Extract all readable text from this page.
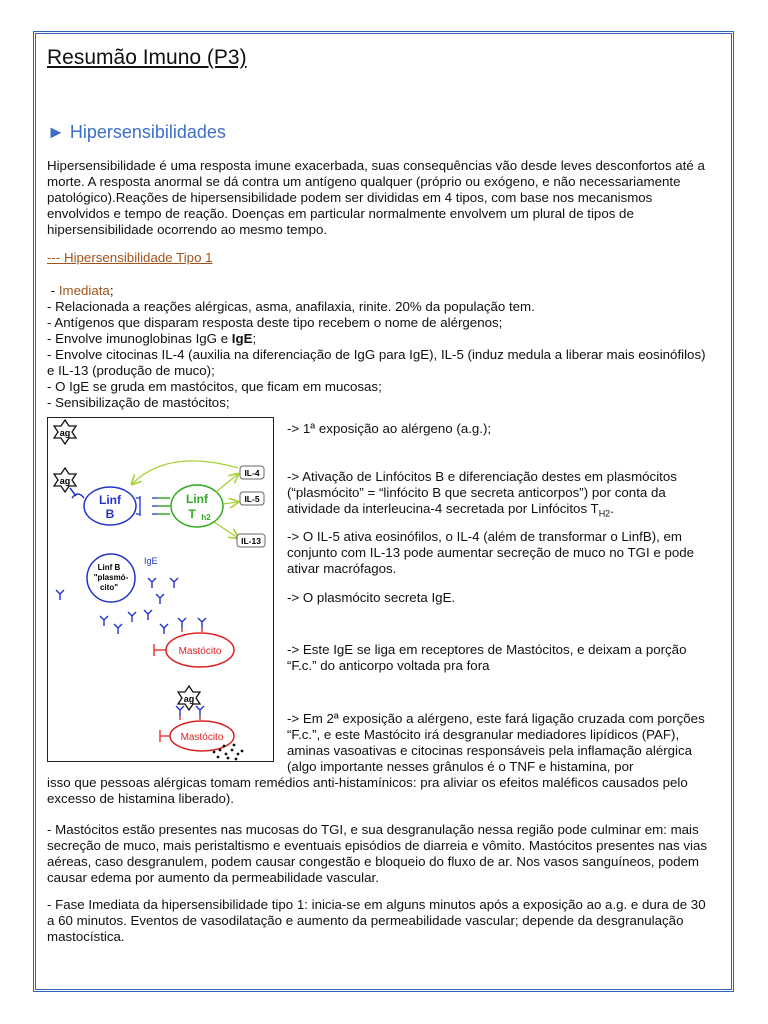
Resumão Imuno (P3)
► Hipersensibilidades

Hipersensibilidade é uma resposta imune exacerbada, suas consequências vão desde leves desconfortos até a morte. A resposta anormal se dá contra um antígeno qualquer (próprio ou exógeno, e não necessariamente patológico).Reações de hipersensibilidade podem ser divididas em 4 tipos, com base nos mecanismos envolvidos e tempo de reação. Doenças em particular normalmente envolvem um plural de tipos de hipersensibilidade ocorrendo ao mesmo tempo.

--- Hipersensibilidade Tipo 1

- Imediata;
- Relacionada a reações alérgicas, asma, anafilaxia, rinite. 20% da população tem.
- Antígenos que disparam resposta deste tipo recebem o nome de alérgenos;
- Envolve imunoglobinas IgG e IgE;
- Envolve citocinas IL-4 (auxilia na diferenciação de IgG para IgE), IL-5 (induz medula a liberar mais eosinófilos) e IL-13 (produção de muco);
- O IgE se gruda em mastócitos, que ficam em mucosas;
- Sensibilização de mastócitos;
ag
ag
Linf
B
Linf
T h2
IL-4
IL-5
IL-13
Linf B
"plasmó-
cito"
IgE
Mastócito
ag
Mastócito

-> 1ª exposição ao alérgeno (a.g.);

-> Ativação de Linfócitos B e diferenciação destes em plasmócitos (“plasmócito” = “linfócito B que secreta anticorpos”) por conta da atividade da interleucina-4 secretada por Linfócitos $T_{H2}$.

-> O IL-5 ativa eosinófilos, o IL-4 (além de transformar o LinfB), em conjunto com IL-13 pode aumentar secreção de muco no TGI e pode ativar macrófagos.

-> O plasmócito secreta IgE.

-> Este IgE se liga em receptores de Mastócitos, e deixam a porção “F.c.” do anticorpo voltada pra fora

-> Em 2ª exposição a alérgeno, este fará ligação cruzada com porções “F.c.”, e este Mastócito irá desgranular mediadores lipídicos (PAF), aminas vasoativas e citocinas responsáveis pela inflamação alérgica (algo importante nesses grânulos é o TNF e histamina, por

isso que pessoas alérgicas tomam remédios anti-histamínicos: pra aliviar os efeitos maléficos causados pelo excesso de histamina liberado).

- Mastócitos estão presentes nas mucosas do TGI, e sua desgranulação nessa região pode culminar em: mais secreção de muco, mais peristaltismo e eventuais episódios de diarreia e vômito. Mastócitos presentes nas vias aéreas, caso desgranulem, podem causar congestão e bloqueio do fluxo de ar. Nos vasos sanguíneos, podem causar edema por aumento da permeabilidade vascular.

- Fase Imediata da hipersensibilidade tipo 1: inicia-se em alguns minutos após a exposição ao a.g. e dura de 30 a 60 minutos. Eventos de vasodilatação e aumento da permeabilidade vascular; depende da desgranulação mastocística.
